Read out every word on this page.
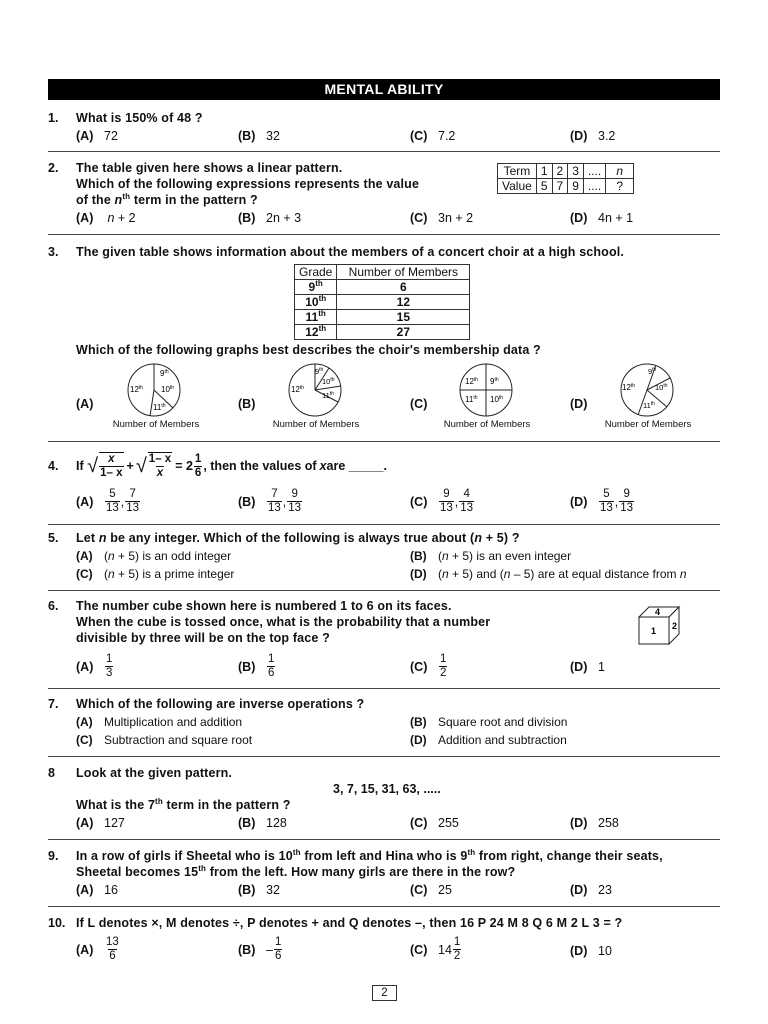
MENTAL ABILITY
1. What is 150% of 48 ?
(A) 72	(B) 32	(C) 7.2	(D) 3.2
2. The table given here shows a linear pattern.
Which of the following expressions represents the value
of the $n^{th}$ term in the pattern ?
Term	1	2	3	....	n
Value	5	7	9	....	?
(A) n + 2	(B) 2n + 3	(C) 3n + 2	(D) 4n + 1
3. The given table shows information about the members of a concert choir at a high school.
Grade	Number of Members
9th	6
10th	12
11th	15
12th	27
Which of the following graphs best describes the choir's membership data ?
(A)	(B)	(C)	(D)
9th
10th
12th
11th
Number of Members
9th
10th
11th
12th
Number of Members
12th 9th
11th 10th
Number of Members
9th
10th
12th
11th
Number of Members
4. If
√ $\frac{x}{1- x}$ + √ $\frac{1- x}{x} = 2 \frac{1}{6}$ , then the values of x are _____.
(A)	$\frac{5}{13}$ , $\frac{7}{13}$	(B)	$\frac{7}{13}$ , $\frac{9}{13}$	(C)	$\frac{9}{13}$ , $\frac{4}{13}$	(D)	$\frac{5}{13}$ , $\frac{9}{13}$
5. Let n be any integer. Which of the following is always true about (n + 5) ?
(A) (n + 5) is an odd integer	(B) (n + 5) is an even integer
(C) (n + 5) is a prime integer	(D) (n + 5) and (n – 5) are at equal distance from n
6. The number cube shown here is numbered 1 to 6 on its faces.
When the cube is tossed once, what is the probability that a number
divisible by three will be on the top face ?
4
1 2
(A)	$\frac{1}{3}$	(B)	$\frac{1}{6}$	(C)	$\frac{1}{2}$	(D) 1
7. Which of the following are inverse operations ?
(A) Multiplication and addition	(B) Square root and division
(C) Subtraction and square root	(D) Addition and subtraction
8 Look at the given pattern.
3, 7, 15, 31, 63, .....
What is the 7th term in the pattern ?
(A) 127	(B) 128	(C) 255	(D) 258
9. In a row of girls if Sheetal who is 10th from left and Hina who is 9th from right, change their seats,
Sheetal becomes 15th from the left. How many girls are there in the row?
(A) 16	(B) 32	(C) 25	(D) 23
10. If L denotes ×, M denotes ÷, P denotes + and Q denotes –, then 16 P 24 M 8 Q 6 M 2 L 3 = ?
(A)	$\frac{13}{6}$	$(B) - \frac{1}{6}$	(C) $14 \frac{1}{2}$	(D) 10
2
